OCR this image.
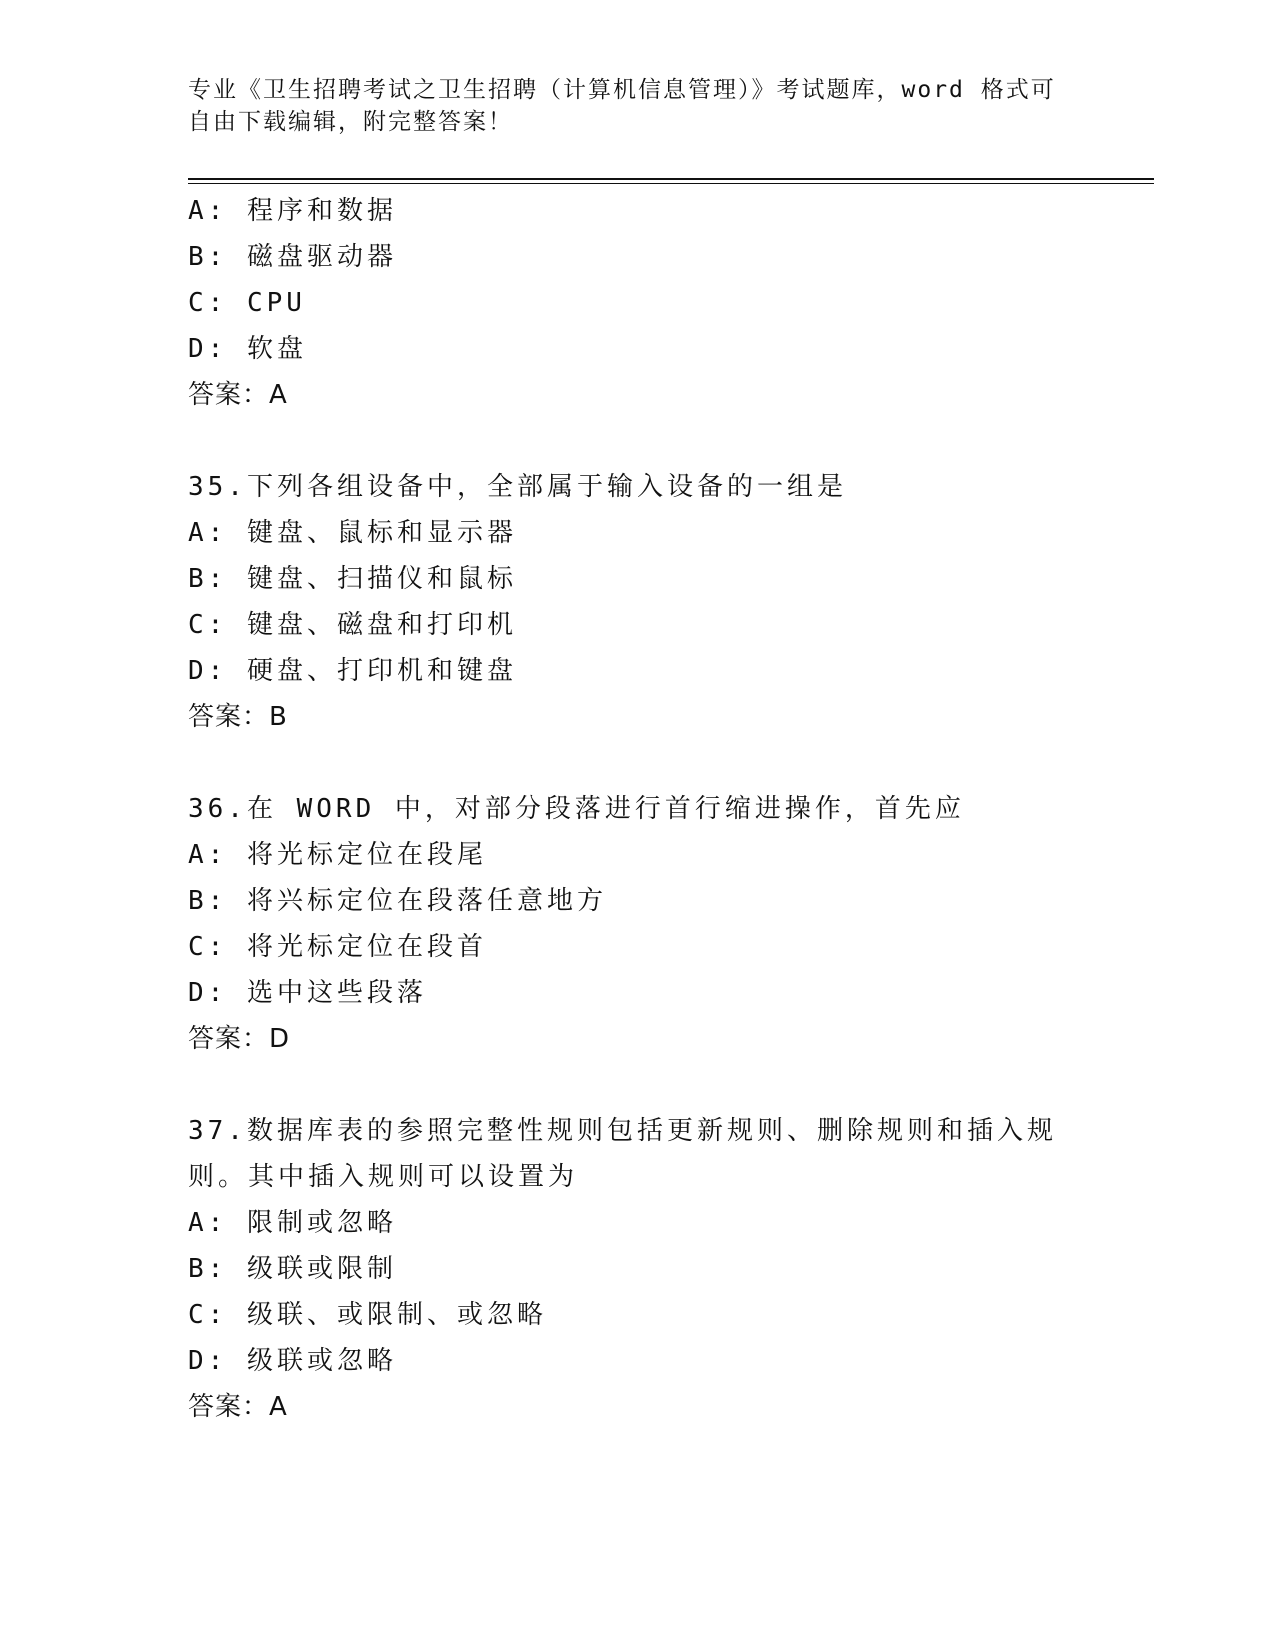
专业《卫生招聘考试之卫生招聘（计算机信息管理）》考试题库，word 格式可自由下载编辑，附完整答案！
A: 程序和数据
B: 磁盘驱动器
C: CPU
D: 软盘
答案：A
35.下列各组设备中，全部属于输入设备的一组是
A: 键盘、鼠标和显示器
B: 键盘、扫描仪和鼠标
C: 键盘、磁盘和打印机
D: 硬盘、打印机和键盘
答案：B
36.在 WORD 中，对部分段落进行首行缩进操作，首先应
A: 将光标定位在段尾
B: 将兴标定位在段落任意地方
C: 将光标定位在段首
D: 选中这些段落
答案：D
37.数据库表的参照完整性规则包括更新规则、删除规则和插入规则。其中插入规则可以设置为
A: 限制或忽略
B: 级联或限制
C: 级联、或限制、或忽略
D: 级联或忽略
答案：A
